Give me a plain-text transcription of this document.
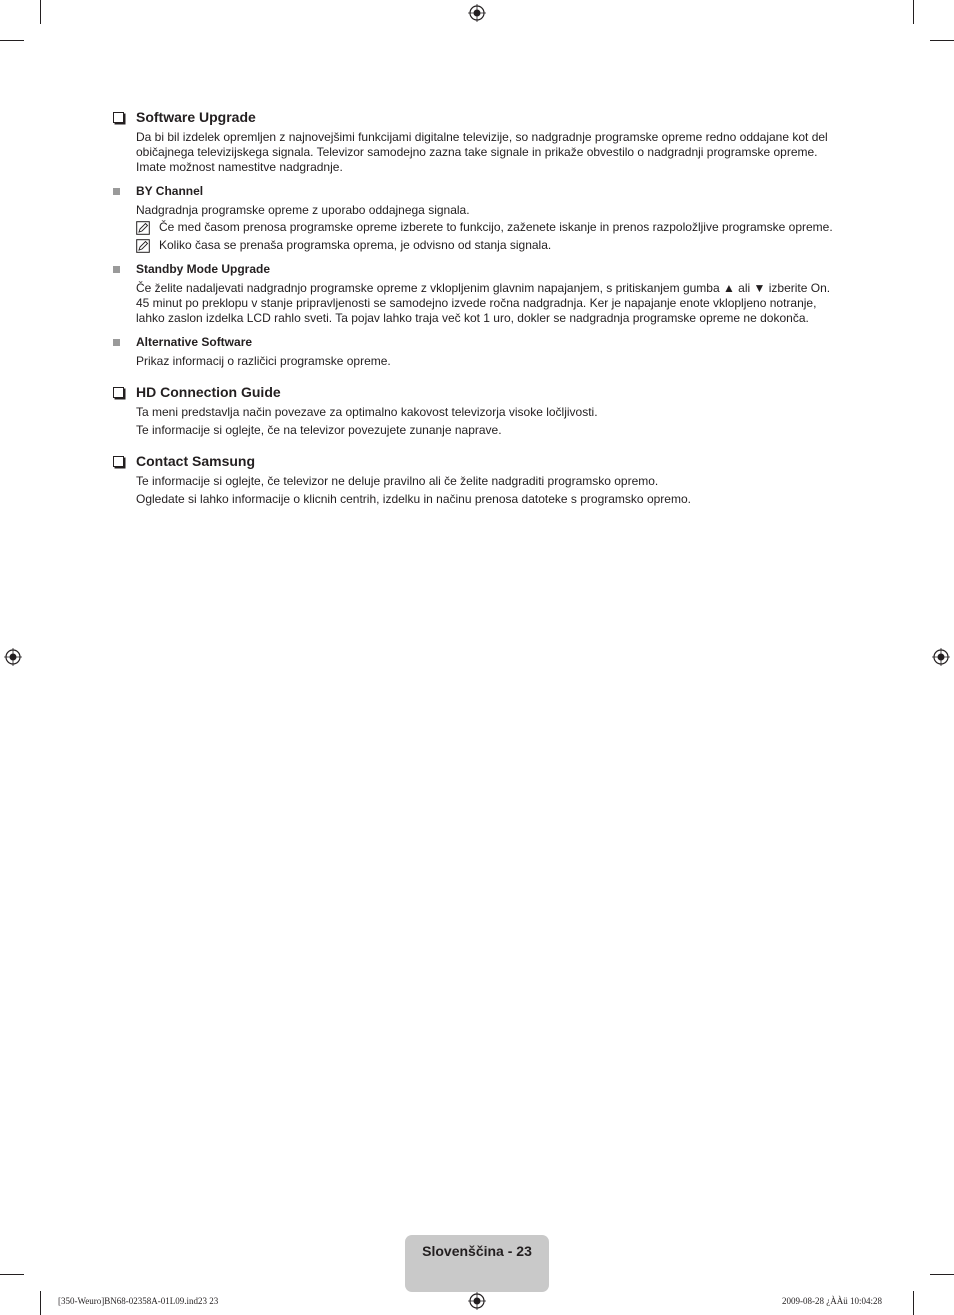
Software Upgrade
Da bi bil izdelek opremljen z najnovejšimi funkcijami digitalne televizije, so nadgradnje programske opreme redno oddajane kot del običajnega televizijskega signala. Televizor samodejno zazna take signale in prikaže obvestilo o nadgradnji programske opreme. Imate možnost namestitve nadgradnje.
BY Channel
Nadgradnja programske opreme z uporabo oddajnega signala.
Če med časom prenosa programske opreme izberete to funkcijo, zaženete iskanje in prenos razpoložljive programske opreme.
Koliko časa se prenaša programska oprema, je odvisno od stanja signala.
Standby Mode Upgrade
Če želite nadaljevati nadgradnjo programske opreme z vklopljenim glavnim napajanjem, s pritiskanjem gumba ▲ ali ▼ izberite On. 45 minut po preklopu v stanje pripravljenosti se samodejno izvede ročna nadgradnja. Ker je napajanje enote vklopljeno notranje, lahko zaslon izdelka LCD rahlo sveti. Ta pojav lahko traja več kot 1 uro, dokler se nadgradnja programske opreme ne dokonča.
Alternative Software
Prikaz informacij o različici programske opreme.
HD Connection Guide
Ta meni predstavlja način povezave za optimalno kakovost televizorja visoke ločljivosti.
Te informacije si oglejte, če na televizor povezujete zunanje naprave.
Contact Samsung
Te informacije si oglejte, če televizor ne deluje pravilno ali če želite nadgraditi programsko opremo.
Ogledate si lahko informacije o klicnih centrih, izdelku in načinu prenosa datoteke s programsko opremo.
Slovenščina - 23
[350-Weuro]BN68-02358A-01L09.ind23 23	2009-08-28 ¿ÀÀü 10:04:28
